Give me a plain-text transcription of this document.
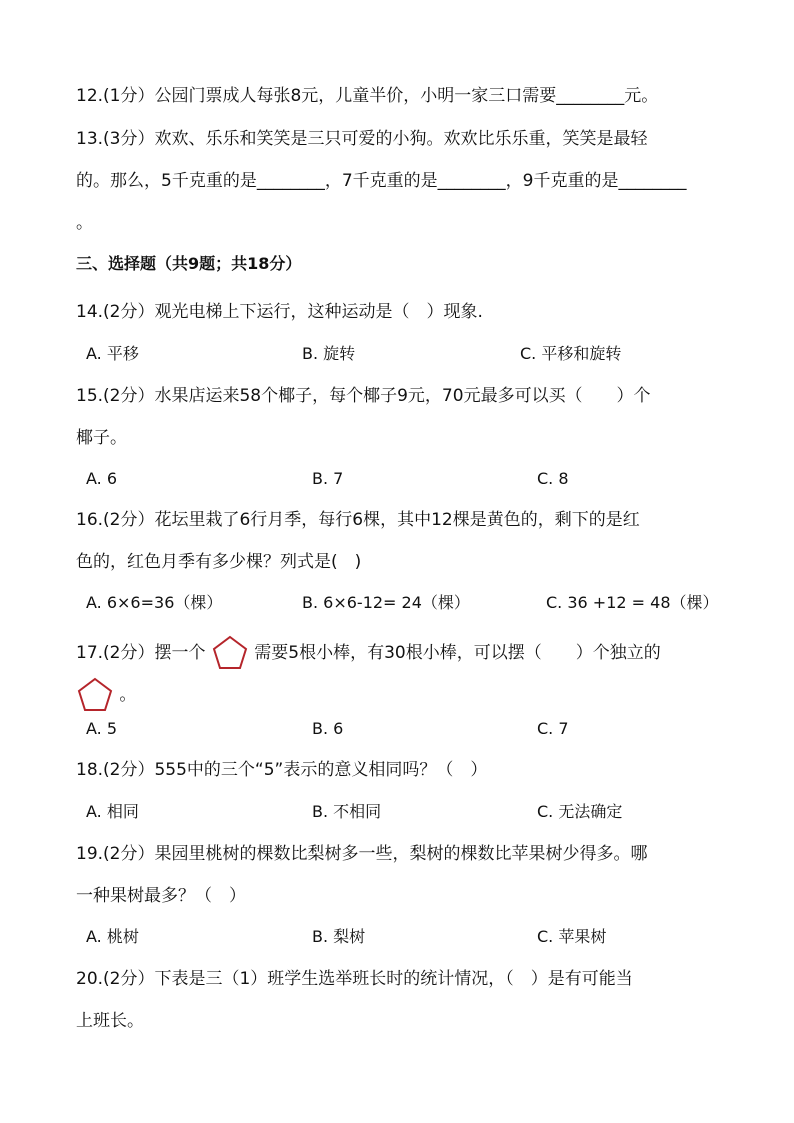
12.(1分）公园门票成人每张8元，儿童半价，小明一家三口需要________元。
13.(3分）欢欢、乐乐和笑笑是三只可爱的小狗。欢欢比乐乐重，笑笑是最轻
的。那么，5千克重的是________，7千克重的是________，9千克重的是________
。
三、选择题（共9题；共18分）
14.(2分）观光电梯上下运行，这种运动是（　）现象.
A. 平移	B. 旋转	C. 平移和旋转
15.(2分）水果店运来58个椰子，每个椰子9元，70元最多可以买（　　）个
椰子。
A. 6	B. 7	C. 8
16.(2分）花坛里栽了6行月季，每行6棵，其中12棵是黄色的，剩下的是红
色的，红色月季有多少棵？列式是(　)
A. 6×6=36（棵）	B. 6×6-12= 24（棵）	C. 36 +12 = 48（棵）
17.(2分）摆一个	需要5根小棒，有30根小棒，可以摆（　　）个独立的
。
A. 5	B. 6	C. 7
18.(2分）555中的三个“5”表示的意义相同吗？（　）
A. 相同	B. 不相同	C. 无法确定
19.(2分）果园里桃树的棵数比梨树多一些，梨树的棵数比苹果树少得多。哪
一种果树最多？（　）
A. 桃树	B. 梨树	C. 苹果树
20.(2分）下表是三（1）班学生选举班长时的统计情况，（　）是有可能当
上班长。
